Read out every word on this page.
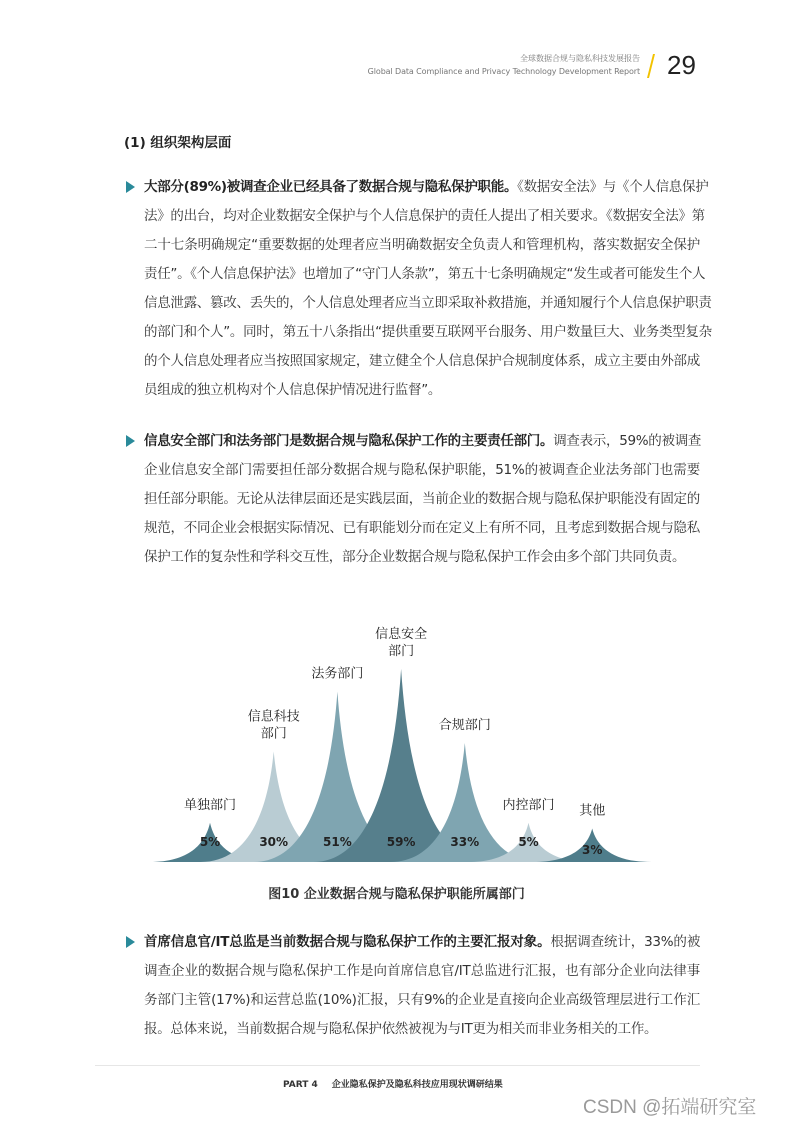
全球数据合规与隐私科技发展报告
Global Data Compliance and Privacy Technology Development Report 29
(1) 组织架构层面
大部分(89%)被调查企业已经具备了数据合规与隐私保护职能。《数据安全法》与《个人信息保护
法》的出台，均对企业数据安全保护与个人信息保护的责任人提出了相关要求。《数据安全法》第
二十七条明确规定“重要数据的处理者应当明确数据安全负责人和管理机构，落实数据安全保护
责任”。《个人信息保护法》也增加了“守门人条款”，第五十七条明确规定“发生或者可能发生个人
信息泄露、篡改、丢失的，个人信息处理者应当立即采取补救措施，并通知履行个人信息保护职责
的部门和个人”。同时，第五十八条指出“提供重要互联网平台服务、用户数量巨大、业务类型复杂
的个人信息处理者应当按照国家规定，建立健全个人信息保护合规制度体系，成立主要由外部成
员组成的独立机构对个人信息保护情况进行监督”。
信息安全部门和法务部门是数据合规与隐私保护工作的主要责任部门。调查表示，59%的被调查
企业信息安全部门需要担任部分数据合规与隐私保护职能，51%的被调查企业法务部门也需要
担任部分职能。无论从法律层面还是实践层面，当前企业的数据合规与隐私保护职能没有固定的
规范，不同企业会根据实际情况、已有职能划分而在定义上有所不同，且考虑到数据合规与隐私
保护工作的复杂性和学科交互性，部分企业数据合规与隐私保护工作会由多个部门共同负责。
首席信息官/IT总监是当前数据合规与隐私保护工作的主要汇报对象。根据调查统计，33%的被
调查企业的数据合规与隐私保护工作是向首席信息官/IT总监进行汇报，也有部分企业向法律事
务部门主管(17%)和运营总监(10%)汇报，只有9%的企业是直接向企业高级管理层进行工作汇
报。总体来说，当前数据合规与隐私保护依然被视为与IT更为相关而非业务相关的工作。
5%
单独部门
30%
信息科技
部门
51%
法务部门
59%
信息安全
部门
33%
合规部门
5%
内控部门
3%
其他
图10 企业数据合规与隐私保护职能所属部门
PART 4 企业隐私保护及隐私科技应用现状调研结果
CSDN @拓端研究室
